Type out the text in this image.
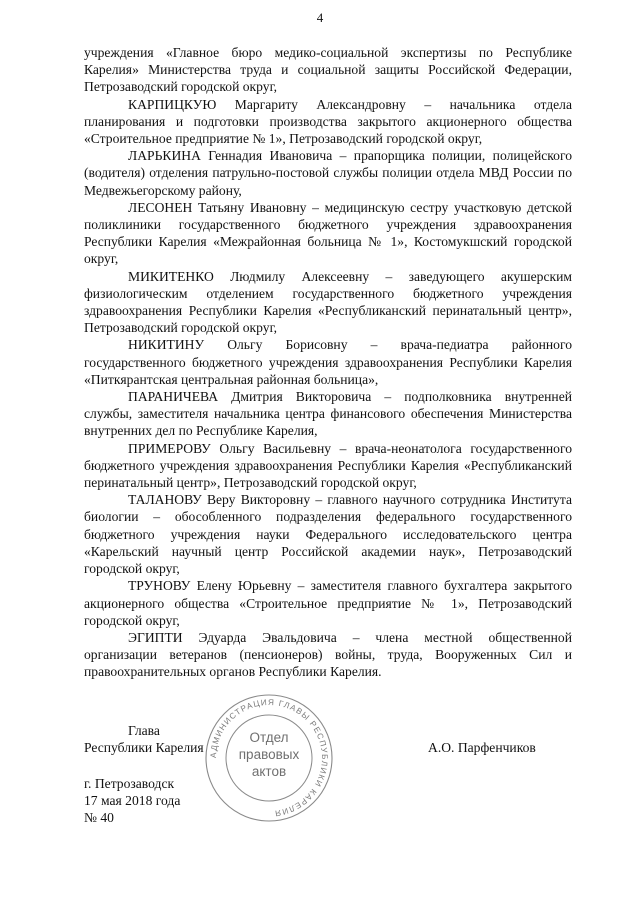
4

учреждения «Главное бюро медико-социальной экспертизы по Республике Карелия» Министерства труда и социальной защиты Российской Федерации, Петрозаводский городской округ,

КАРПИЦКУЮ Маргариту Александровну – начальника отдела планирования и подготовки производства закрытого акционерного общества «Строительное предприятие № 1», Петрозаводский городской округ,

ЛАРЬКИНА Геннадия Ивановича – прапорщика полиции, полицейского (водителя) отделения патрульно-постовой службы полиции отдела МВД России по Медвежьегорскому району,

ЛЕСОНЕН Татьяну Ивановну – медицинскую сестру участковую детской поликлиники государственного бюджетного учреждения здравоохранения Республики Карелия «Межрайонная больница № 1», Костомукшский городской округ,

МИКИТЕНКО Людмилу Алексеевну – заведующего акушерским физиологическим отделением государственного бюджетного учреждения здравоохранения Республики Карелия «Республиканский перинатальный центр», Петрозаводский городской округ,

НИКИТИНУ Ольгу Борисовну – врача-педиатра районного государственного бюджетного учреждения здравоохранения Республики Карелия «Питкярантская центральная районная больница»,

ПАРАНИЧЕВА Дмитрия Викторовича – подполковника внутренней службы, заместителя начальника центра финансового обеспечения Министерства внутренних дел по Республике Карелия,

ПРИМЕРОВУ Ольгу Васильевну – врача-неонатолога государственного бюджетного учреждения здравоохранения Республики Карелия «Республиканский перинатальный центр», Петрозаводский городской округ,

ТАЛАНОВУ Веру Викторовну – главного научного сотрудника Института биологии – обособленного подразделения федерального государственного бюджетного учреждения науки Федерального исследовательского центра «Карельский научный центр Российской академии наук», Петрозаводский городской округ,

ТРУНОВУ Елену Юрьевну – заместителя главного бухгалтера закрытого акционерного общества «Строительное предприятие № 1», Петрозаводский городской округ,

ЭГИПТИ Эдуарда Эвальдовича – члена местной общественной организации ветеранов (пенсионеров) войны, труда, Вооруженных Сил и правоохранительных органов Республики Карелия.

Глава
Республики Карелия	А.О. Парфенчиков
АДМИНИСТРАЦИЯ ГЛАВЫ РЕСПУБЛИКИ КАРЕЛИЯ
Отдел
правовых
актов
г. Петрозаводск
17 мая 2018 года
№ 40
